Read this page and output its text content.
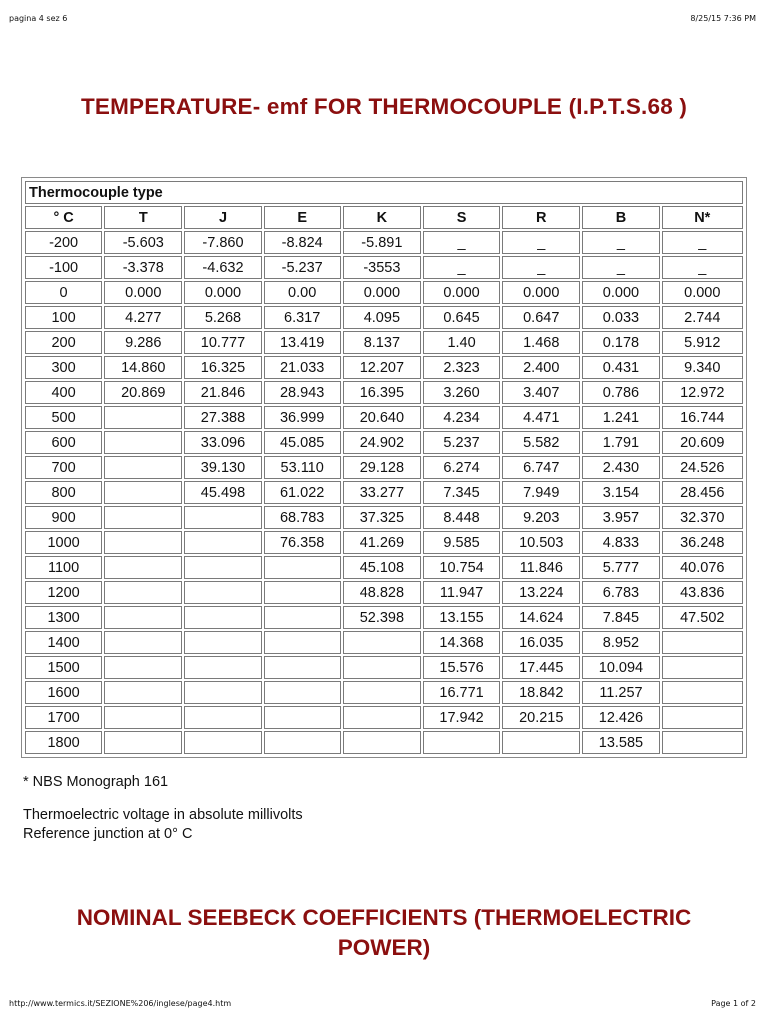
pagina 4 sez 6	8/25/15 7:36 PM
TEMPERATURE- emf FOR THERMOCOUPLE (I.P.T.S.68 )
Thermocouple type								
° C	T	J	E	K	S	R	B	N*
-200	-5.603	-7.860	-8.824	-5.891	_	_	_	_
-100	-3.378	-4.632	-5.237	-3553	_	_	_	_
0	0.000	0.000	0.00	0.000	0.000	0.000	0.000	0.000
100	4.277	5.268	6.317	4.095	0.645	0.647	0.033	2.744
200	9.286	10.777	13.419	8.137	1.40	1.468	0.178	5.912
300	14.860	16.325	21.033	12.207	2.323	2.400	0.431	9.340
400	20.869	21.846	28.943	16.395	3.260	3.407	0.786	12.972
500		27.388	36.999	20.640	4.234	4.471	1.241	16.744
600		33.096	45.085	24.902	5.237	5.582	1.791	20.609
700		39.130	53.110	29.128	6.274	6.747	2.430	24.526
800		45.498	61.022	33.277	7.345	7.949	3.154	28.456
900			68.783	37.325	8.448	9.203	3.957	32.370
1000			76.358	41.269	9.585	10.503	4.833	36.248
1100				45.108	10.754	11.846	5.777	40.076
1200				48.828	11.947	13.224	6.783	43.836
1300				52.398	13.155	14.624	7.845	47.502
1400					14.368	16.035	8.952	
1500					15.576	17.445	10.094	
1600					16.771	18.842	11.257	
1700					17.942	20.215	12.426	
1800							13.585	
* NBS Monograph 161
Thermoelectric voltage in absolute millivolts
Reference junction at 0° C
NOMINAL SEEBECK COEFFICIENTS (THERMOELECTRIC
POWER)
http://www.termics.it/SEZIONE%206/inglese/page4.htm	Page 1 of 2
